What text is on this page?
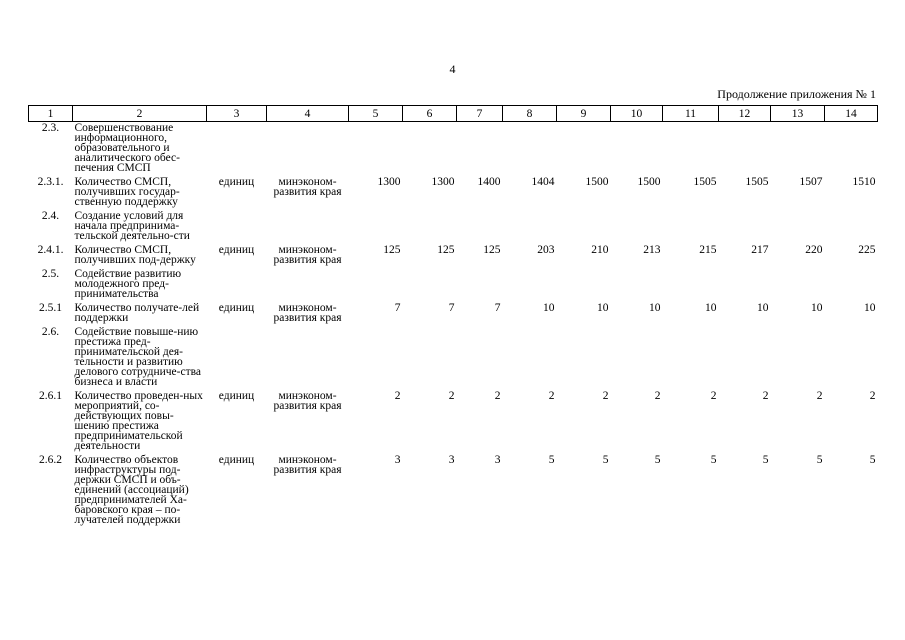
4
Продолжение приложения № 1
1	2	3	4	5	6	7	8	9	10	11	12	13	14
2.3.	Совершенствование информационного, образовательного и аналитического обес-печения СМСП												
2.3.1.	Количество СМСП, получивших государ-ственную поддержку	единиц	минэконом-развития края	1300	1300	1400	1404	1500	1500	1505	1505	1507	1510
2.4.	Создание условий для начала предпринима-тельской деятельно-сти												
2.4.1.	Количество СМСП, получивших под-держку	единиц	минэконом-развития края	125	125	125	203	210	213	215	217	220	225
2.5.	Содействие развитию молодежного пред-принимательства												
2.5.1	Количество получате-лей поддержки	единиц	минэконом-развития края	7	7	7	10	10	10	10	10	10	10
2.6.	Содействие повыше-нию престижа пред-принимательской дея-тельности и развитию делового сотрудниче-ства бизнеса и власти												
2.6.1	Количество проведен-ных мероприятий, со-действующих повы-шению престижа предпринимательской деятельности	единиц	минэконом-развития края	2	2	2	2	2	2	2	2	2	2
2.6.2	Количество объектов инфраструктуры под-держки СМСП и объ-единений (ассоциаций) предпринимателей Ха-баровского края – по-лучателей поддержки	единиц	минэконом-развития края	3	3	3	5	5	5	5	5	5	5
